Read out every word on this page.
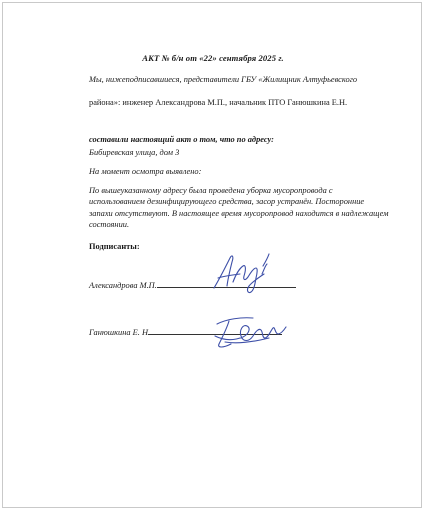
АКТ № б/н от «22» сентября 2025 г.
Мы, нижеподписавшиеся, представители ГБУ «Жилищник Алтуфьевского
района»: инженер Александрова М.П., начальник ПТО Ганюшкина Е.Н.
составили настоящий акт о том, что по адресу:
Бибиревская улица, дом 3
На момент осмотра выявлено:
По вышеуказанному адресу была проведена уборка мусоропровода с использованием дезинфицирующего средства, засор устранён. Посторонние запахи отсутствуют. В настоящее время мусоропровод находится в надлежащем состоянии.
Подписанты:
Александрова М.П.
Ганюшкина Е. Н
